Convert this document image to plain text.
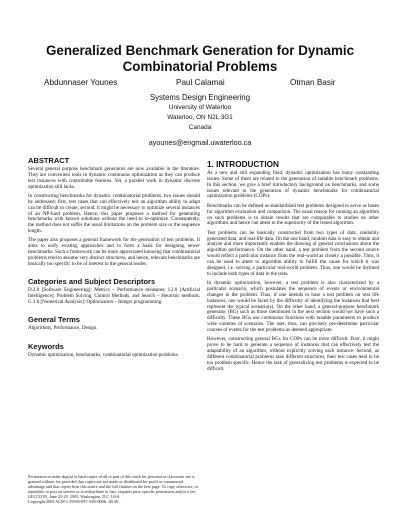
Generalized Benchmark Generation for Dynamic Combinatorial Problems
Abdunnaser Younes	Paul Calamai	Otman Basir
Systems Design Engineering
University of Waterloo
Waterloo, ON N2L 3G1
Canada
ayounes@engmail.uwaterloo.ca
ABSTRACT

Several general purpose benchmark generators are now available in the literature. They are convenient tools in dynamic continuous optimization as they can produce test instances with controllable features. Yet, a parallel work in dynamic discrete optimization still lacks.

In constructing benchmarks for dynamic combinatorial problems, two issues should be addressed: first, test cases that can effectively test an algorithm ability to adapt can be difficult to create; second, it might be necessary to optimize several instances of an NP-hard problem. Hence, this paper proposes a method for generating benchmarks with known solutions without the need to re-optimize. Consequently, the method does not suffer the usual limitations on the problem size or the sequence length.

The paper also proposes a general framework for the generation of test problems. It aims to unify existing approaches and to form a basis for designing newer benchmarks. Such a framework can be more appreciated knowing that combinatorial problems tend to assume very distinct structures, and hence, relevant benchmarks are basically too specific to be of interest to the general reader.

Categories and Subject Descriptors

D.2.8 [Software Engineering]: Metrics – Performance measures; I.2.8 [Artificial Intelligence]: Problem Solving, Control Methods, and Search – Heuristic methods; G.1.6 [Numerical Analysis]: Optimization – Integer programming.

General Terms

Algorithms, Performance, Design.

Keywords

Dynamic optimization, benchmarks, combinatorial optimization problems.

Permission to make digital or hard copies of all or part of this work for personal or classroom use is granted without fee provided that copies are not made or distributed for profit or commercial advantage and that copies bear this notice and the full citation on the first page. To copy otherwise, or republish, to post on servers or to redistribute to lists, requires prior specific permission and/or a fee.

GECCO'05, June 25-29, 2005, Washington, D.C. USA.

Copyright 2005 ACM 1-59593-097-3/05/0006...$5.00.

1. INTRODUCTION

As a new and still expanding field, dynamic optimization has many outstanding issues. Some of them are related to the generation of suitable benchmark problems. In this section, we give a brief introductory background on benchmarks, and some issues relevant to the generation of dynamic benchmarks for combinatorial optimization problems (COPs).

Benchmarks can be defined as standardized test problems designed to serve as bases for algorithm evaluation and comparison. The usual reason for running an algorithm on such problems is to obtain results that are comparable to studies on other algorithms and hence can attest to the superiority of the tested algorithm.

Test problems can be basically constructed from two types of data: randomly generated data, and real-life data. On the one hand, random data is easy to obtain and analyze and more importantly enables the drawing of general conclusions about the algorithm performance. On the other hand, a test problem from the second source would reflect a particular instance from the real-world as closely a possible. Thus, it can be used to attest to algorithm ability to fulfill the cause for which it was designed, i.e. solving a particular real-world problem. Thus, one would be inclined to include both types of data in the tests.

In dynamic optimization, however, a test problem is also characterized by a particular scenario, which postulates the sequence of events or environmental changes in the problem. Thus, if one intends to base a test problem on real life instances, one would be faced by the difficulty of identifying the instances that best represent the typical scenario(s). On the other hand, a general-purpose benchmark generator (BG) such as those mentioned in the next section would not have such a difficulty. These BGs use continuous functions with tunable parameters to produce wide varieties of scenarios. The user, thus, can precisely pre-determine particular courses of events for the test problems as deemed appropriate.

However, constructing general BGs for COPs can be more difficult. First, it might prove to be hard to generate a sequence of instances that can effectively test the adaptability of an algorithm, without explicitly solving each instance. Second, as different combinatorial problems take different structures, their test cases tend to be too problem specific. Hence the task of generalizing test problems is expected to be difficult.
